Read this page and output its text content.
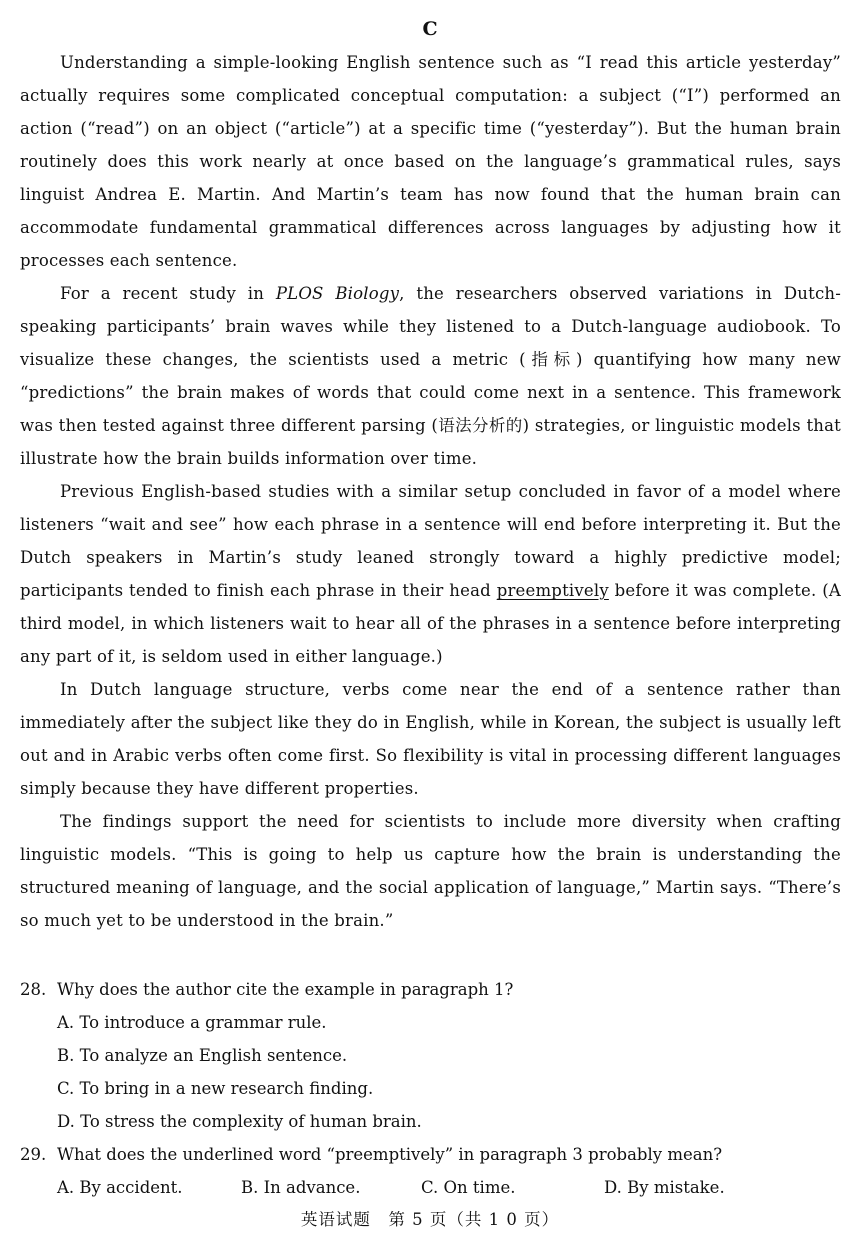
C

Understanding a simple-looking English sentence such as “I read this article yesterday” actually requires some complicated conceptual computation: a subject (“I”) performed an action (“read”) on an object (“article”) at a specific time (“yesterday”). But the human brain routinely does this work nearly at once based on the language’s grammatical rules, says linguist Andrea E. Martin. And Martin’s team has now found that the human brain can accommodate fundamental grammatical differences across languages by adjusting how it processes each sentence.

For a recent study in PLOS Biology, the researchers observed variations in Dutch-speaking participants’ brain waves while they listened to a Dutch-language audiobook. To visualize these changes, the scientists used a metric (指标) quantifying how many new “predictions” the brain makes of words that could come next in a sentence. This framework was then tested against three different parsing (语法分析的) strategies, or linguistic models that illustrate how the brain builds information over time.

Previous English-based studies with a similar setup concluded in favor of a model where listeners “wait and see” how each phrase in a sentence will end before interpreting it. But the Dutch speakers in Martin’s study leaned strongly toward a highly predictive model; participants tended to finish each phrase in their head preemptively before it was complete. (A third model, in which listeners wait to hear all of the phrases in a sentence before interpreting any part of it, is seldom used in either language.)

In Dutch language structure, verbs come near the end of a sentence rather than immediately after the subject like they do in English, while in Korean, the subject is usually left out and in Arabic verbs often come first. So flexibility is vital in processing different languages simply because they have different properties.

The findings support the need for scientists to include more diversity when crafting linguistic models. “This is going to help us capture how the brain is understanding the structured meaning of language, and the social application of language,” Martin says. “There’s so much yet to be understood in the brain.”

28. Why does the author cite the example in paragraph 1?

A. To introduce a grammar rule.

B. To analyze an English sentence.

C. To bring in a new research finding.

D. To stress the complexity of human brain.

29. What does the underlined word “preemptively” in paragraph 3 probably mean?

A. By accident.	B. In advance.	C. On time.	D. By mistake.
英语试题　第 5 页（共 1 0 页）
